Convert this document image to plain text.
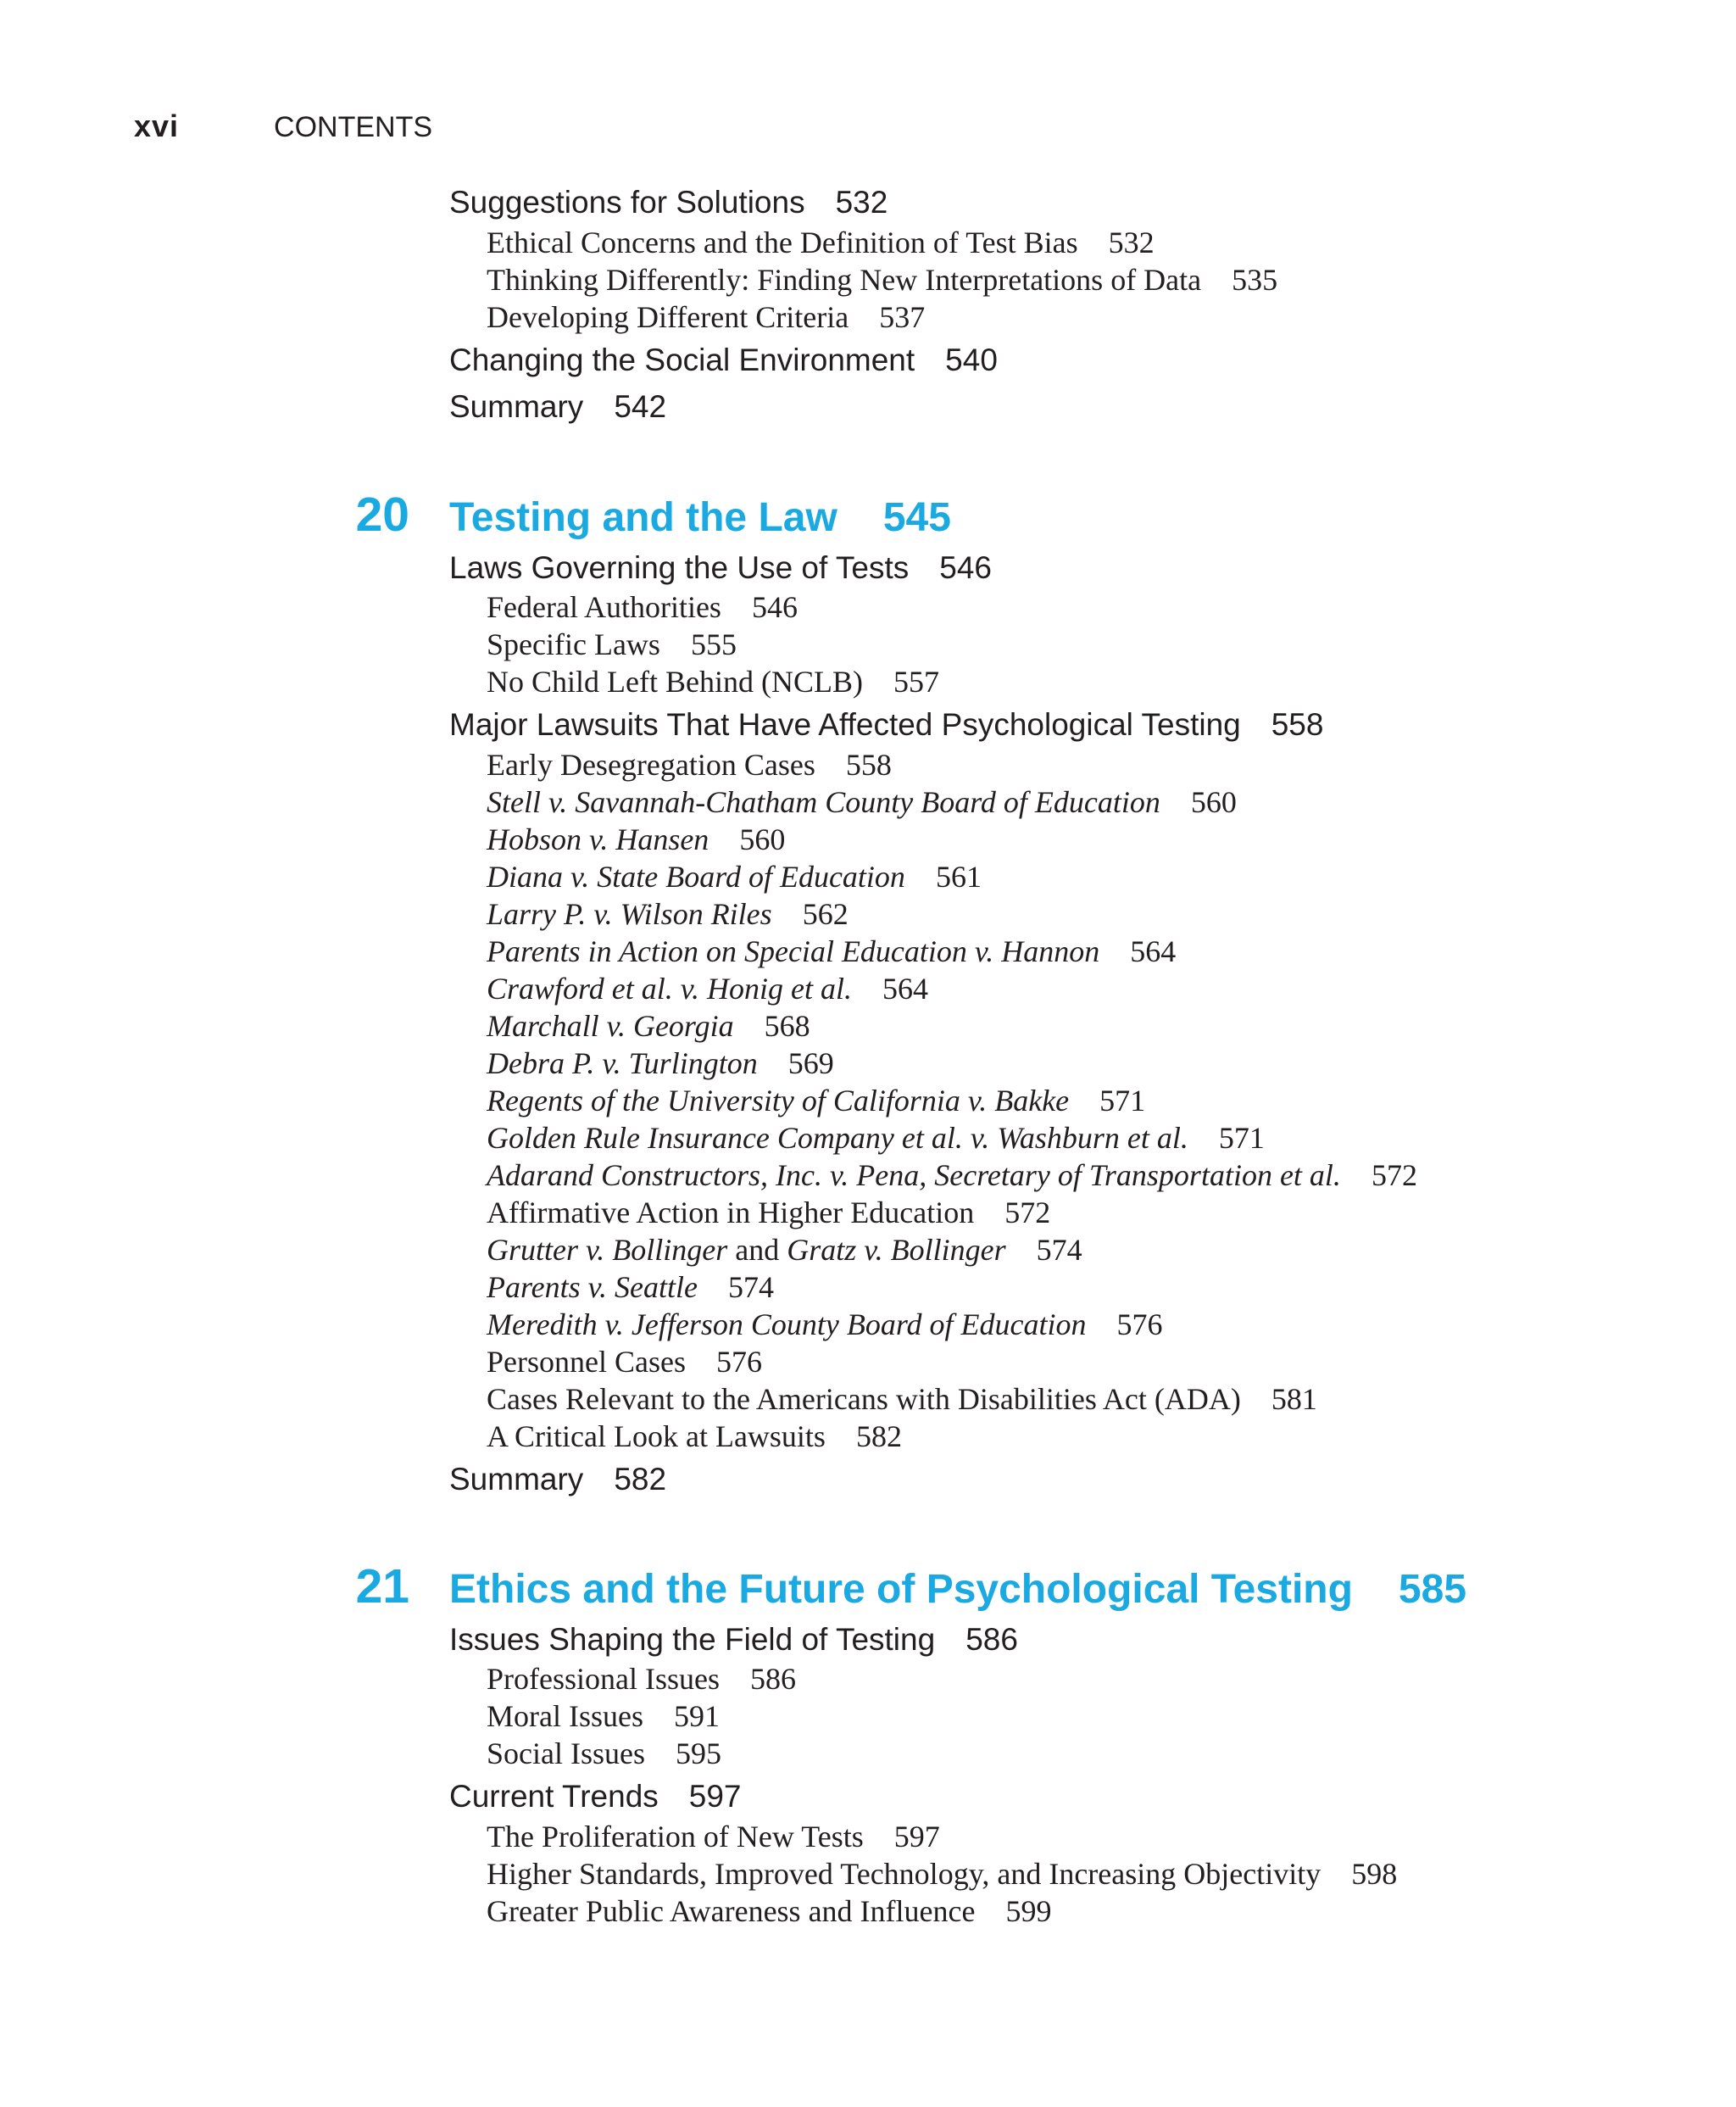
xvi	CONTENTS
Suggestions for Solutions 532
Ethical Concerns and the Definition of Test Bias 532
Thinking Differently: Finding New Interpretations of Data 535
Developing Different Criteria 537
Changing the Social Environment 540
Summary 542
20 Testing and the Law 545
Laws Governing the Use of Tests 546
Federal Authorities 546
Specific Laws 555
No Child Left Behind (NCLB) 557
Major Lawsuits That Have Affected Psychological Testing 558
Early Desegregation Cases 558
Stell v. Savannah-Chatham County Board of Education 560
Hobson v. Hansen 560
Diana v. State Board of Education 561
Larry P. v. Wilson Riles 562
Parents in Action on Special Education v. Hannon 564
Crawford et al. v. Honig et al. 564
Marchall v. Georgia 568
Debra P. v. Turlington 569
Regents of the University of California v. Bakke 571
Golden Rule Insurance Company et al. v. Washburn et al. 571
Adarand Constructors, Inc. v. Pena, Secretary of Transportation et al. 572
Affirmative Action in Higher Education 572
Grutter v. Bollinger and Gratz v. Bollinger 574
Parents v. Seattle 574
Meredith v. Jefferson County Board of Education 576
Personnel Cases 576
Cases Relevant to the Americans with Disabilities Act (ADA) 581
A Critical Look at Lawsuits 582
Summary 582
21 Ethics and the Future of Psychological Testing 585
Issues Shaping the Field of Testing 586
Professional Issues 586
Moral Issues 591
Social Issues 595
Current Trends 597
The Proliferation of New Tests 597
Higher Standards, Improved Technology, and Increasing Objectivity 598
Greater Public Awareness and Influence 599
